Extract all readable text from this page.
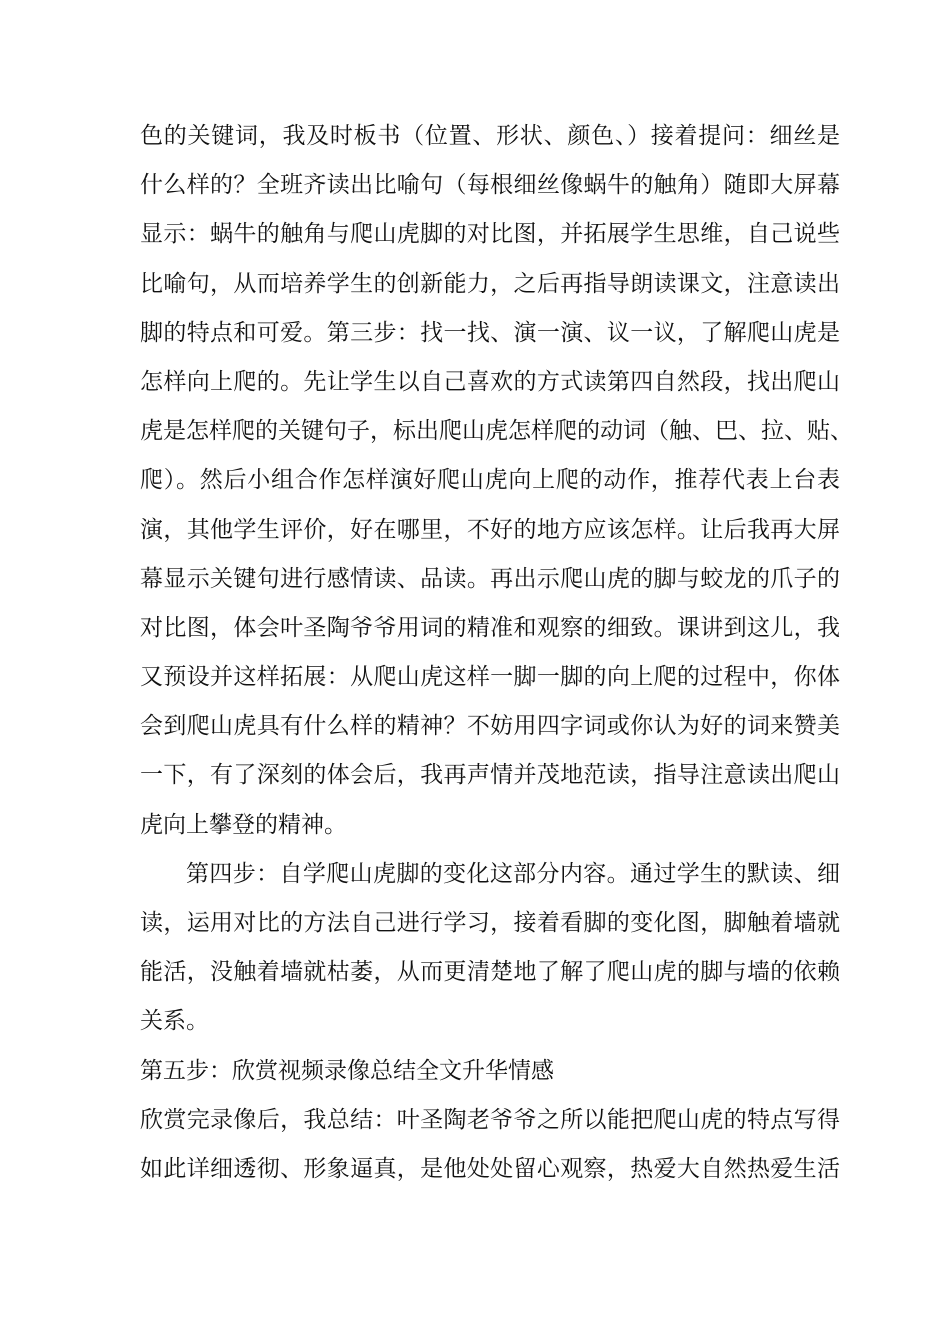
色的关键词，我及时板书（位置、形状、颜色、）接着提问：细丝是
什么样的？全班齐读出比喻句（每根细丝像蜗牛的触角）随即大屏幕
显示：蜗牛的触角与爬山虎脚的对比图，并拓展学生思维，自己说些
比喻句，从而培养学生的创新能力，之后再指导朗读课文，注意读出
脚的特点和可爱。第三步：找一找、演一演、议一议，了解爬山虎是
怎样向上爬的。先让学生以自己喜欢的方式读第四自然段，找出爬山
虎是怎样爬的关键句子，标出爬山虎怎样爬的动词（触、巴、拉、贴、
爬）。然后小组合作怎样演好爬山虎向上爬的动作，推荐代表上台表
演，其他学生评价，好在哪里，不好的地方应该怎样。让后我再大屏
幕显示关键句进行感情读、品读。再出示爬山虎的脚与蛟龙的爪子的
对比图，体会叶圣陶爷爷用词的精准和观察的细致。课讲到这儿，我
又预设并这样拓展：从爬山虎这样一脚一脚的向上爬的过程中，你体
会到爬山虎具有什么样的精神？不妨用四字词或你认为好的词来赞美
一下，有了深刻的体会后，我再声情并茂地范读，指导注意读出爬山
虎向上攀登的精神。
第四步：自学爬山虎脚的变化这部分内容。通过学生的默读、细
读，运用对比的方法自己进行学习，接着看脚的变化图，脚触着墙就
能活，没触着墙就枯萎，从而更清楚地了解了爬山虎的脚与墙的依赖
关系。
第五步：欣赏视频录像总结全文升华情感
欣赏完录像后，我总结：叶圣陶老爷爷之所以能把爬山虎的特点写得
如此详细透彻、形象逼真，是他处处留心观察，热爱大自然热爱生活
